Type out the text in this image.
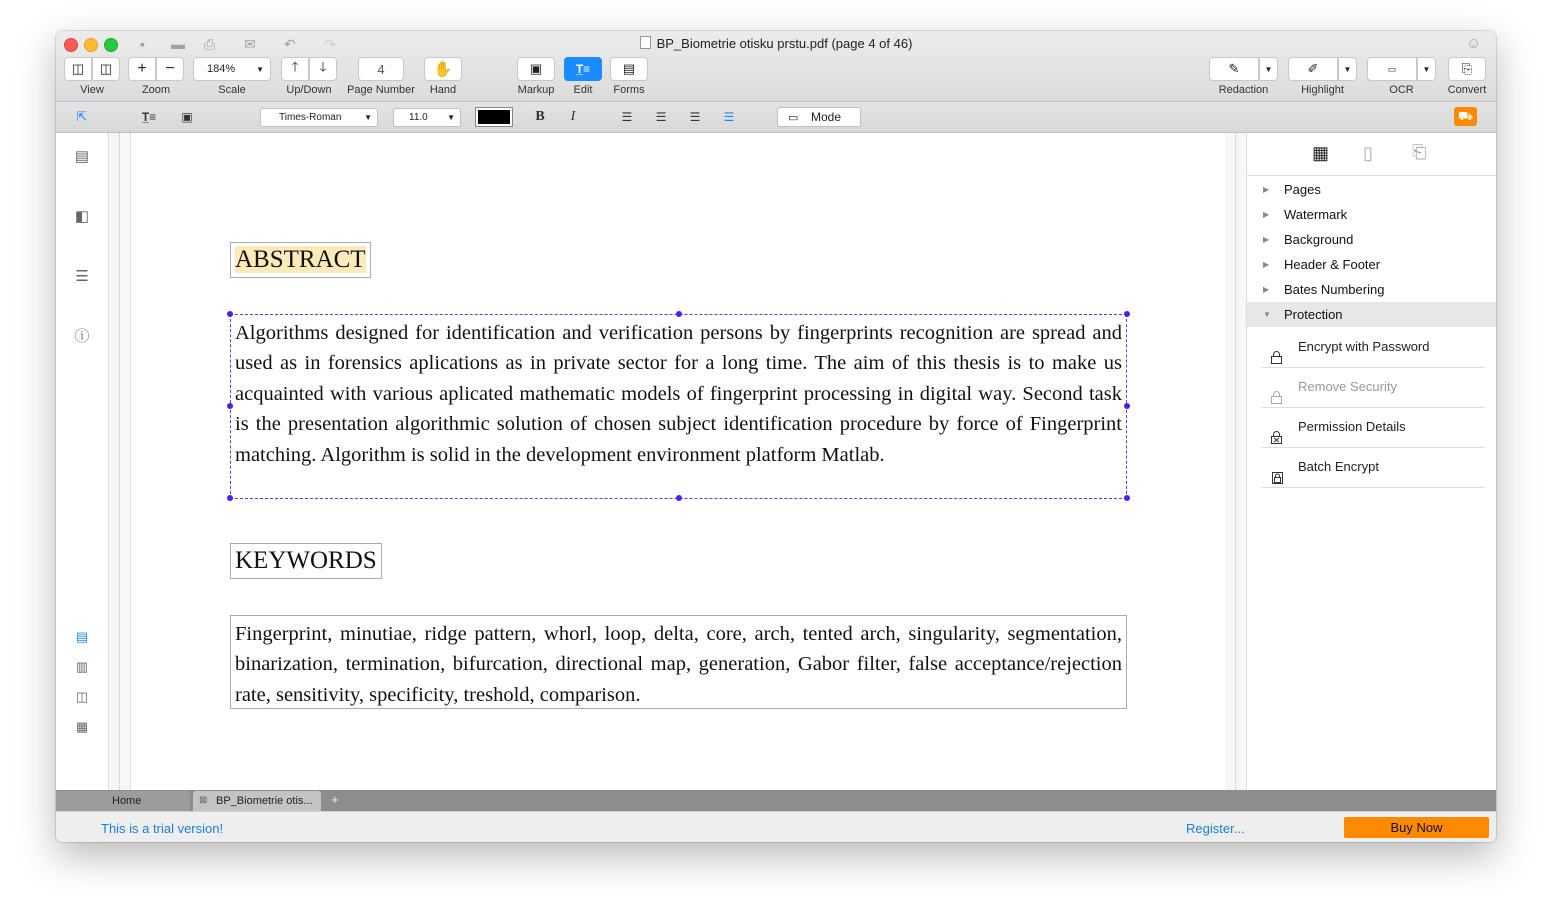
▪ ▬ ⎙ ✉ ↶ ↷	BP_Biometrie otisku prstu.pdf (page 4 of 46)	☺
◫	◫
View
+	−
Zoom
184%	▼
Scale
🡑	🡓
Up/Down
4
Page Number
✋
Hand
▣
Markup
T̲≡
Edit
▤
Forms
✎	▼
Redaction
✐	▼
Highlight
▭	▼
OCR
⎘
Convert
⇱	T̲≡ ▣	Times-Roman	▼	11.0 ▼	B	I	☰	☰	☰	☰	▭ Mode	⛟
▤
◧
☰
ⓘ
▤
▥
◫
▦
ABSTRACT
Algorithms designed for identification and verification persons by fingerprints recognition are spread and used as in forensics aplications as in private sector for a long time. The aim of this thesis is to make us acquainted with various aplicated mathematic models of fingerprint processing in digital way. Second task is the presentation algorithmic solution of chosen subject identification procedure by force of Fingerprint matching. Algorithm is solid in the development environment platform Matlab.
KEYWORDS
Fingerprint, minutiae, ridge pattern, whorl, loop, delta, core, arch, tented arch, singularity, segmentation, binarization, termination, bifurcation, directional map, generation, Gabor filter, false acceptance/rejection rate, sensitivity, specificity, treshold, comparison.
▦ ▯ ⎗
▶ Pages
▶ Watermark
▶ Background
▶ Header & Footer
▶ Bates Numbering
▼ Protection
Encrypt with Password
Remove Security
Permission Details
Batch Encrypt
Home	⊠ BP_Biometrie otis... +
This is a trial version!	Register...	Buy Now
